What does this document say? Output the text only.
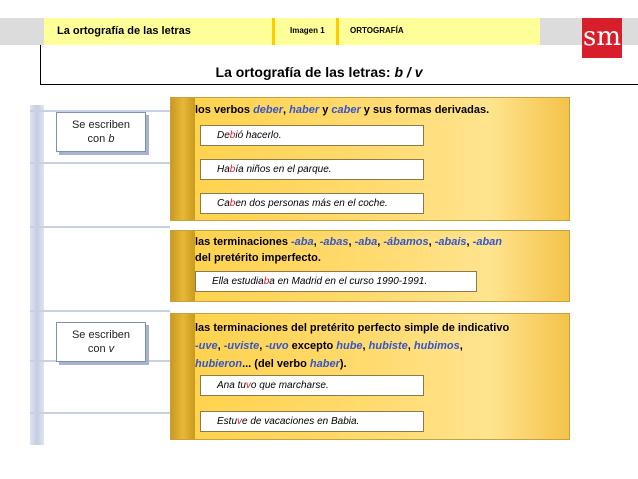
La ortografía de las letras	Imagen 1	ORTOGRAFÍA	sm
La ortografía de las letras: b / v
Se escriben
con b
Se escriben
con v
los verbos deber, haber y caber y sus formas derivadas.
Debió hacerlo.
Había niños en el parque.
Caben dos personas más en el coche.
las terminaciones -aba, -abas, -aba, -ábamos, -abais, -aban
del pretérito imperfecto.
Ella estudiaba en Madrid en el curso 1990-1991.
las terminaciones del pretérito perfecto simple de indicativo
-uve, -uviste, -uvo excepto hube, hubiste, hubimos,
hubieron... (del verbo haber).
Ana tuvo que marcharse.
Estuve de vacaciones en Babia.
